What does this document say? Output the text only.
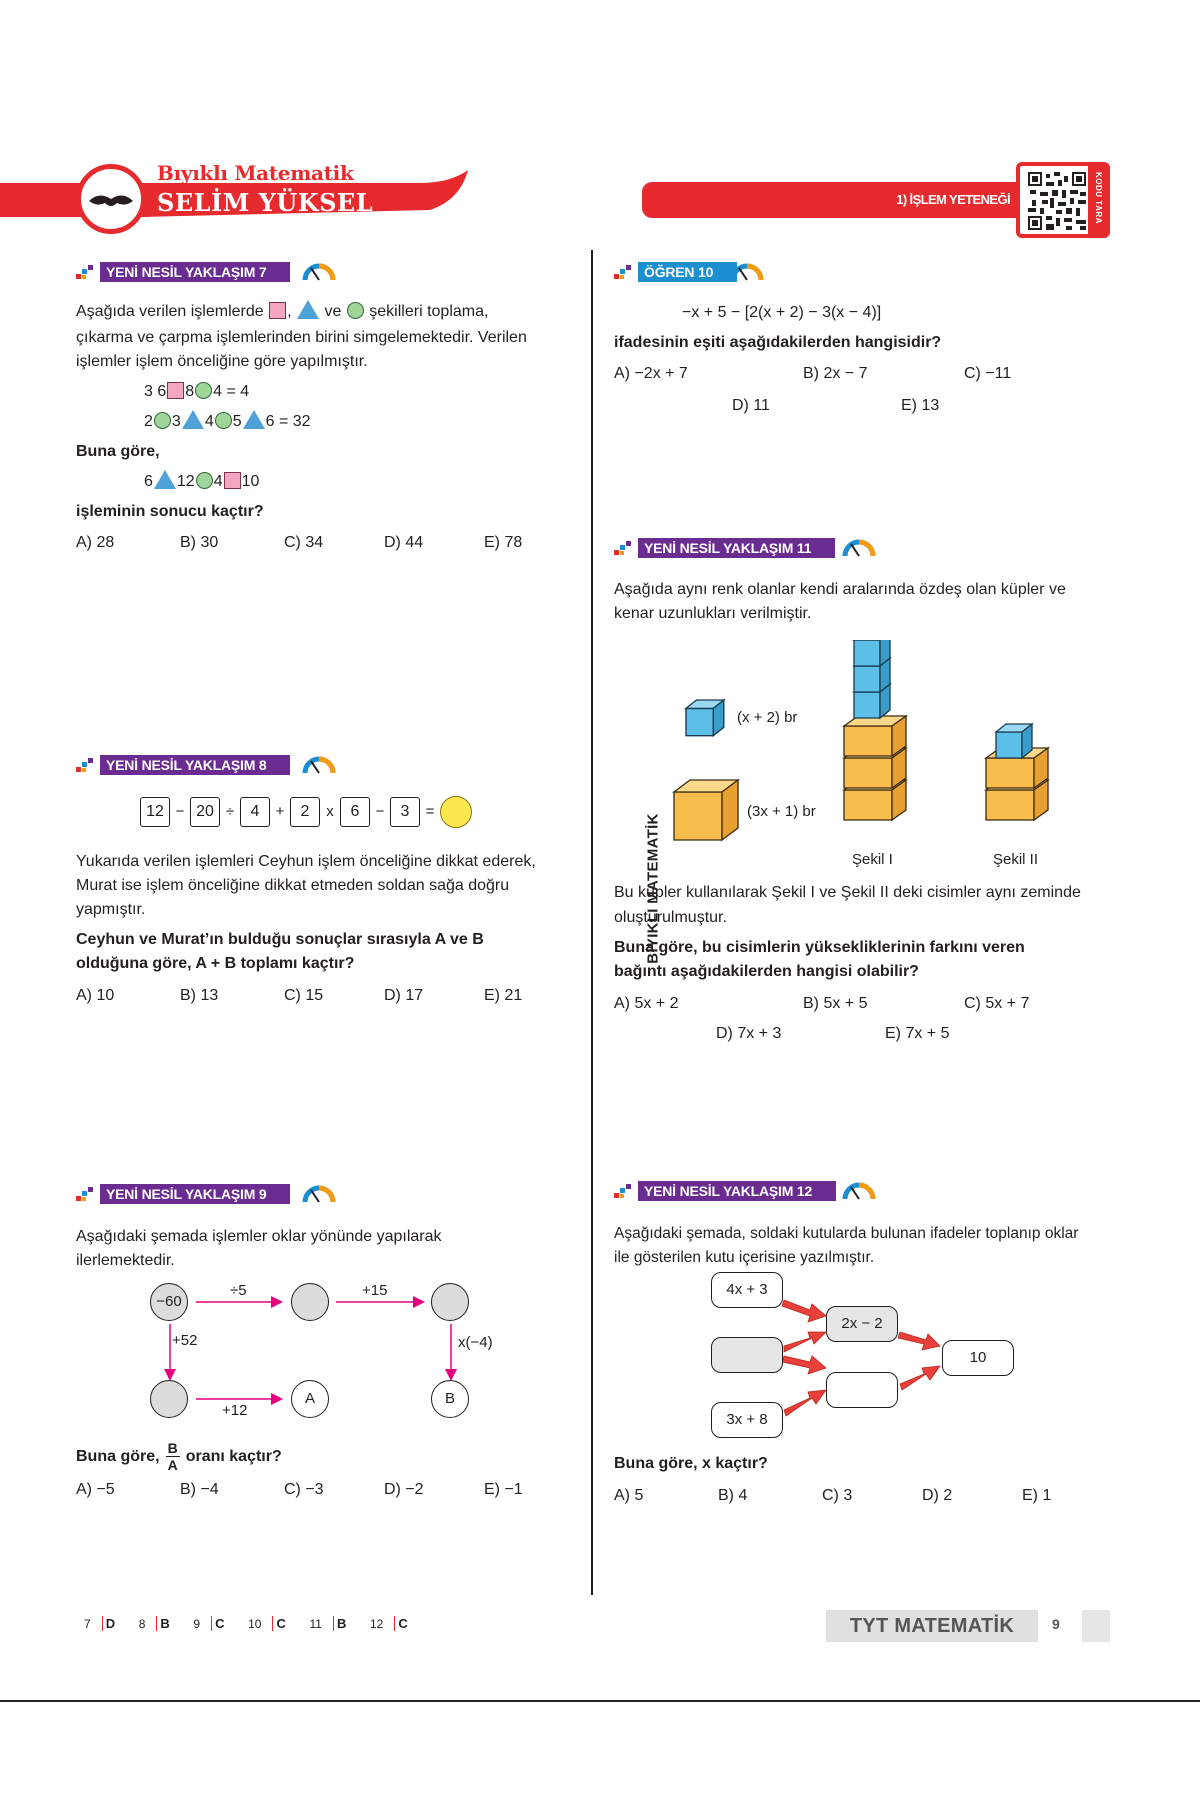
Bıyıklı Matematik
SELİM YÜKSEL	1) İŞLEM YETENEĞİ	KODU TARA
BIYIKLI MATEMATİK
YENİ NESİL YAKLAŞIM 7
Aşağıda verilen işlemlerde , ve şekilleri toplama,
çıkarma ve çarpma işlemlerinden birini simgelemektedir. Verilen
işlemler işlem önceliğine göre yapılmıştır.
3 6 8 4 = 4
2 3 4 5 6 = 32
Buna göre,
6 12 4 10
işleminin sonucu kaçtır?
A) 28	B) 30	C) 34	D) 44	E) 78
YENİ NESİL YAKLAŞIM 8
12 − 20 ÷ 4 + 2 x 6 − 3 =
Yukarıda verilen işlemleri Ceyhun işlem önceliğine dikkat ederek,
Murat ise işlem önceliğine dikkat etmeden soldan sağa doğru
yapmıştır.
Ceyhun ve Murat’ın bulduğu sonuçlar sırasıyla A ve B
olduğuna göre, A + B toplamı kaçtır?
A) 10	B) 13	C) 15	D) 17	E) 21
YENİ NESİL YAKLAŞIM 9
Aşağıdaki şemada işlemler oklar yönünde yapılarak
ilerlemektedir.
−60
A	B
÷5	+15
+52	x(−4)
+12
Buna göre, B
A
oranı kaçtır?
A) −5	B) −4	C) −3	D) −2	E) −1
ÖĞREN 10
−x + 5 − [2(x + 2) − 3(x − 4)]
ifadesinin eşiti aşağıdakilerden hangisidir?
A) −2x + 7	B) 2x − 7	C) −11
D) 11	E) 13
YENİ NESİL YAKLAŞIM 11
Aşağıda aynı renk olanlar kendi aralarında özdeş olan küpler ve
kenar uzunlukları verilmiştir.
(x + 2) br
(3x + 1) br
Şekil I	Şekil II
Bu küpler kullanılarak Şekil I ve Şekil II deki cisimler aynı zeminde
oluşturulmuştur.
Buna göre, bu cisimlerin yüksekliklerinin farkını veren
bağıntı aşağıdakilerden hangisi olabilir?
A) 5x + 2	B) 5x + 5	C) 5x + 7
D) 7x + 3	E) 7x + 5
YENİ NESİL YAKLAŞIM 12
Aşağıdaki şemada, soldaki kutularda bulunan ifadeler toplanıp oklar
ile gösterilen kutu içerisine yazılmıştır.
4x + 3
3x + 8
2x − 2
10
Buna göre, x kaçtır?
A) 5	B) 4	C) 3	D) 2	E) 1
7 D 8 B 9 C 10 C 11 B 12 C	TYT MATEMATİK	9
